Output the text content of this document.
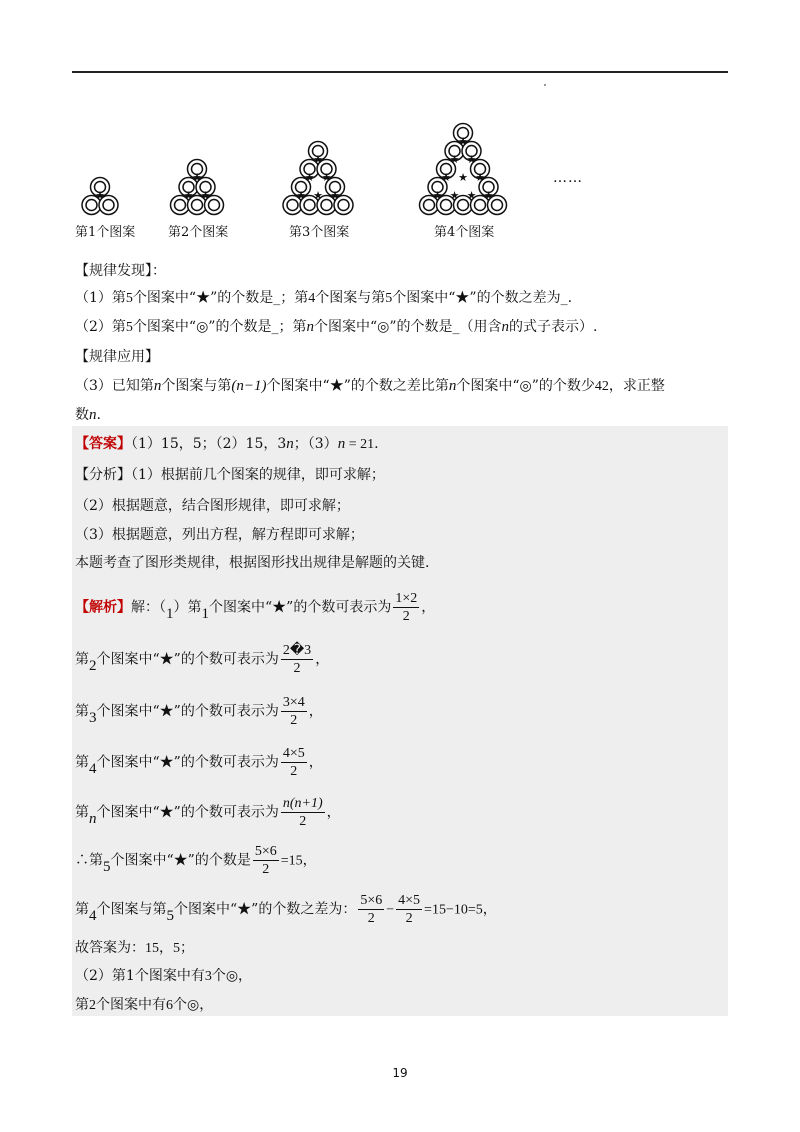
★
★
★ ★
★
★ ★
★ ★ ★
★
★ ★
★ ★ ★
★ ★ ★ ★
第1个图案	第2个图案	第3个图案	第4个图案
……
【规律发现】：
（1）第5个图案中“★”的个数是_；第4个图案与第5个图案中“★”的个数之差为_.
（2）第5个图案中“◎”的个数是_；第n个图案中“◎”的个数是_（用含n的式子表示）.
【规律应用】
（3）已知第n个图案与第(n−1)个图案中“★”的个数之差比第n个图案中“◎”的个数少42，求正整
数n.
【答案】（1）15，5；（2）15，3n；（3）n = 21.
【分析】（1）根据前几个图案的规律，即可求解；
（2）根据题意，结合图形规律，即可求解；
（3）根据题意，列出方程，解方程即可求解；
本题考查了图形类规律，根据图形找出规律是解题的关键.
【解析】解：（1）第1个图案中“★”的个数可表示为 $\frac{1\times 2}{2}$ ，
第2个图案中“★”的个数可表示为 $\frac{2�3}{2}$ ，
第3个图案中“★”的个数可表示为 $\frac{3\times 4}{2}$ ，
第4个图案中“★”的个数可表示为 $\frac{4\times 5}{2}$ ，
第n个图案中“★”的个数可表示为 $\frac{n(n+1)}{2}$ ，
∴第5个图案中“★”的个数是 $\frac{5\times 6}{2} =15$，
第4个图案与第5个图案中“★”的个数之差为： $\frac{5\times 6}{2} - \frac{4\times 5}{2} =15-10=5$，
故答案为：15，5；
（2）第1个图案中有3个◎，
第2个图案中有6个◎，
19
